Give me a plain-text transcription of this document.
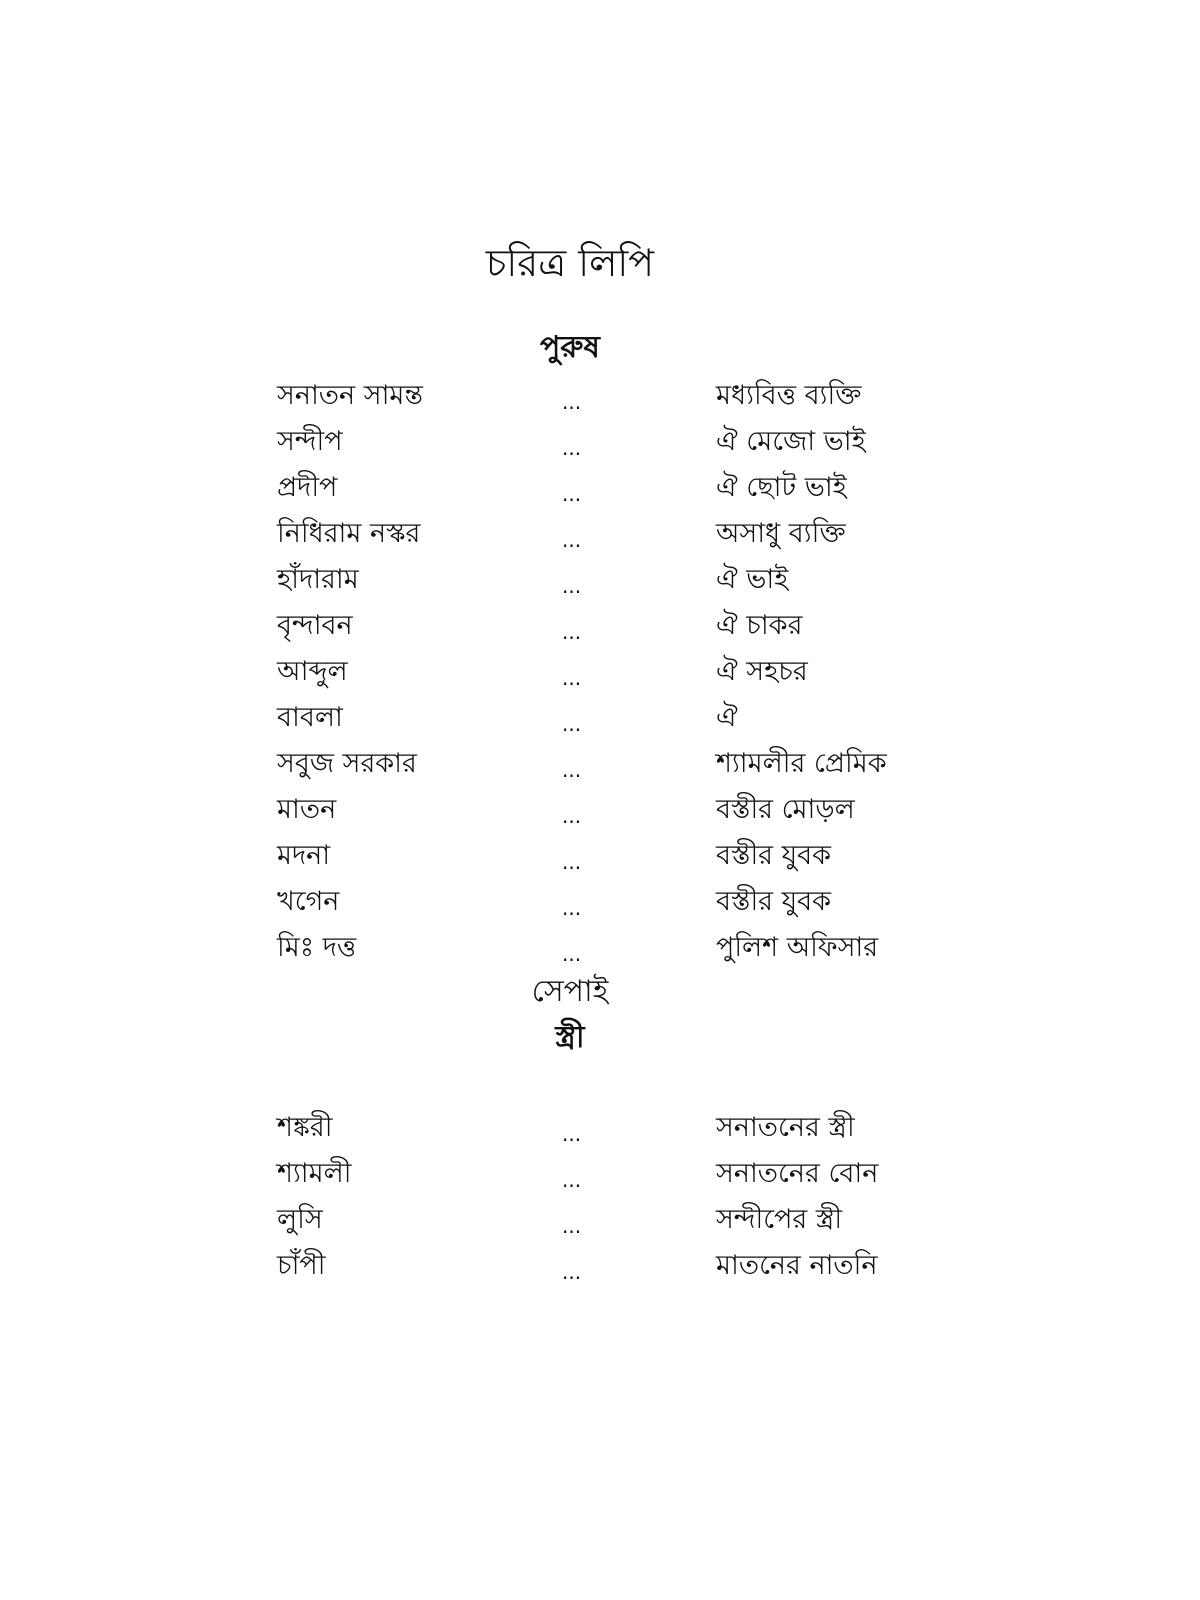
চরিত্র লিপি
পুরুষ
সনাতন সামন্ত	...	মধ্যবিত্ত ব্যক্তি
সন্দীপ	...	ঐ মেজো ভাই
প্রদীপ	...	ঐ ছোট ভাই
নিধিরাম নস্কর	...	অসাধু ব্যক্তি
হাঁদারাম	...	ঐ ভাই
বৃন্দাবন	...	ঐ চাকর
আব্দুল	...	ঐ সহচর
বাবলা	...	ঐ
সবুজ সরকার	...	শ্যামলীর প্রেমিক
মাতন	...	বস্তীর মোড়ল
মদনা	...	বস্তীর যুবক
খগেন	...	বস্তীর যুবক
মিঃ দত্ত	...	পুলিশ অফিসার
সেপাই
স্ত্রী
শঙ্করী	...	সনাতনের স্ত্রী
শ্যামলী	...	সনাতনের বোন
লুসি	...	সন্দীপের স্ত্রী
চাঁপী	...	মাতনের নাতনি
